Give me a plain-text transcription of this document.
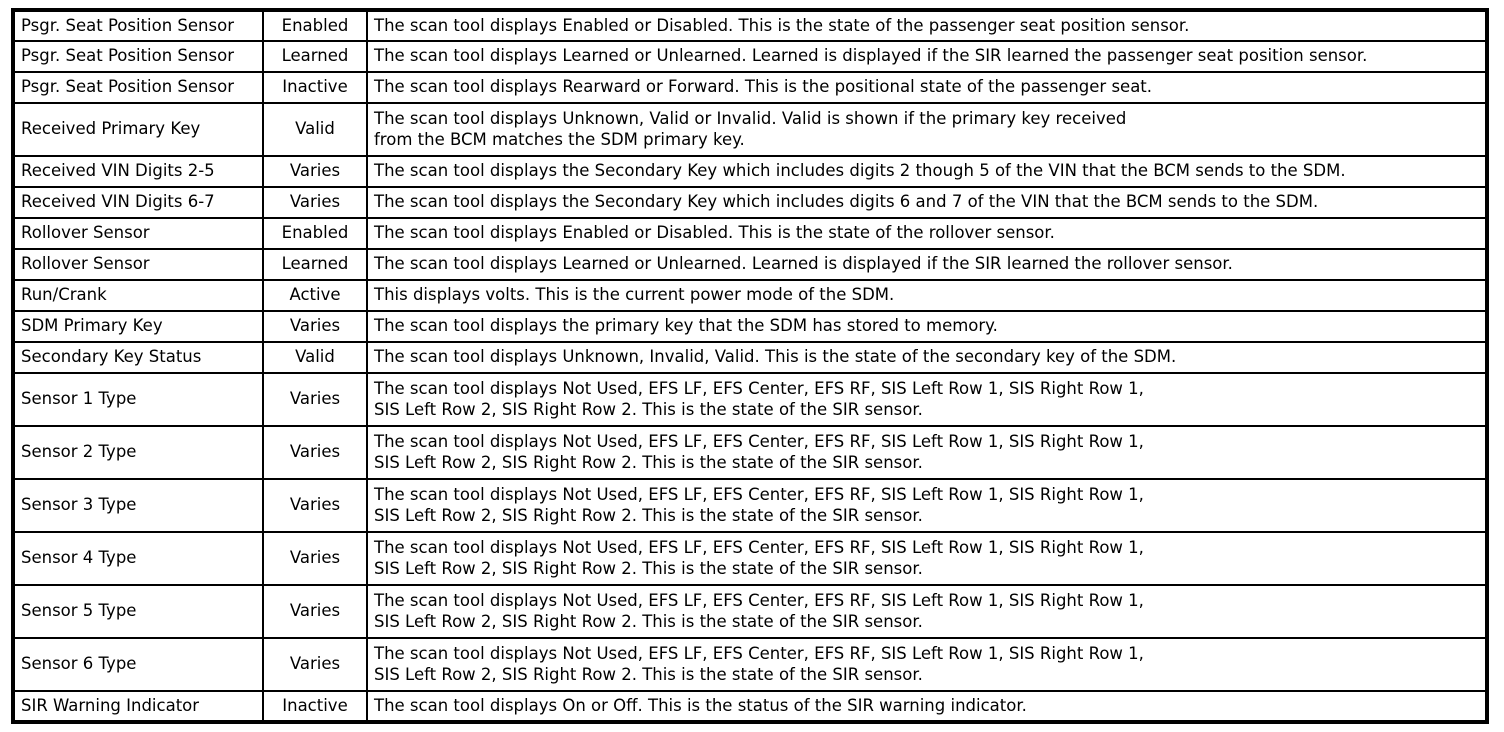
Psgr. Seat Position Sensor	Enabled	The scan tool displays Enabled or Disabled. This is the state of the passenger seat position sensor.

Psgr. Seat Position Sensor	Learned	The scan tool displays Learned or Unlearned. Learned is displayed if the SIR learned the passenger seat position sensor.

Psgr. Seat Position Sensor	Inactive	The scan tool displays Rearward or Forward. This is the positional state of the passenger seat.

Received Primary Key	Valid	The scan tool displays Unknown, Valid or Invalid. Valid is shown if the primary key received
from the BCM matches the SDM primary key.

Received VIN Digits 2-5	Varies	The scan tool displays the Secondary Key which includes digits 2 though 5 of the VIN that the BCM sends to the SDM.

Received VIN Digits 6-7	Varies	The scan tool displays the Secondary Key which includes digits 6 and 7 of the VIN that the BCM sends to the SDM.

Rollover Sensor	Enabled	The scan tool displays Enabled or Disabled. This is the state of the rollover sensor.

Rollover Sensor	Learned	The scan tool displays Learned or Unlearned. Learned is displayed if the SIR learned the rollover sensor.

Run/Crank	Active	This displays volts. This is the current power mode of the SDM.

SDM Primary Key	Varies	The scan tool displays the primary key that the SDM has stored to memory.

Secondary Key Status	Valid	The scan tool displays Unknown, Invalid, Valid. This is the state of the secondary key of the SDM.

Sensor 1 Type	Varies	The scan tool displays Not Used, EFS LF, EFS Center, EFS RF, SIS Left Row 1, SIS Right Row 1,
SIS Left Row 2, SIS Right Row 2. This is the state of the SIR sensor.

Sensor 2 Type	Varies	The scan tool displays Not Used, EFS LF, EFS Center, EFS RF, SIS Left Row 1, SIS Right Row 1,
SIS Left Row 2, SIS Right Row 2. This is the state of the SIR sensor.

Sensor 3 Type	Varies	The scan tool displays Not Used, EFS LF, EFS Center, EFS RF, SIS Left Row 1, SIS Right Row 1,
SIS Left Row 2, SIS Right Row 2. This is the state of the SIR sensor.

Sensor 4 Type	Varies	The scan tool displays Not Used, EFS LF, EFS Center, EFS RF, SIS Left Row 1, SIS Right Row 1,
SIS Left Row 2, SIS Right Row 2. This is the state of the SIR sensor.

Sensor 5 Type	Varies	The scan tool displays Not Used, EFS LF, EFS Center, EFS RF, SIS Left Row 1, SIS Right Row 1,
SIS Left Row 2, SIS Right Row 2. This is the state of the SIR sensor.

Sensor 6 Type	Varies	The scan tool displays Not Used, EFS LF, EFS Center, EFS RF, SIS Left Row 1, SIS Right Row 1,
SIS Left Row 2, SIS Right Row 2. This is the state of the SIR sensor.

SIR Warning Indicator	Inactive	The scan tool displays On or Off. This is the status of the SIR warning indicator.
